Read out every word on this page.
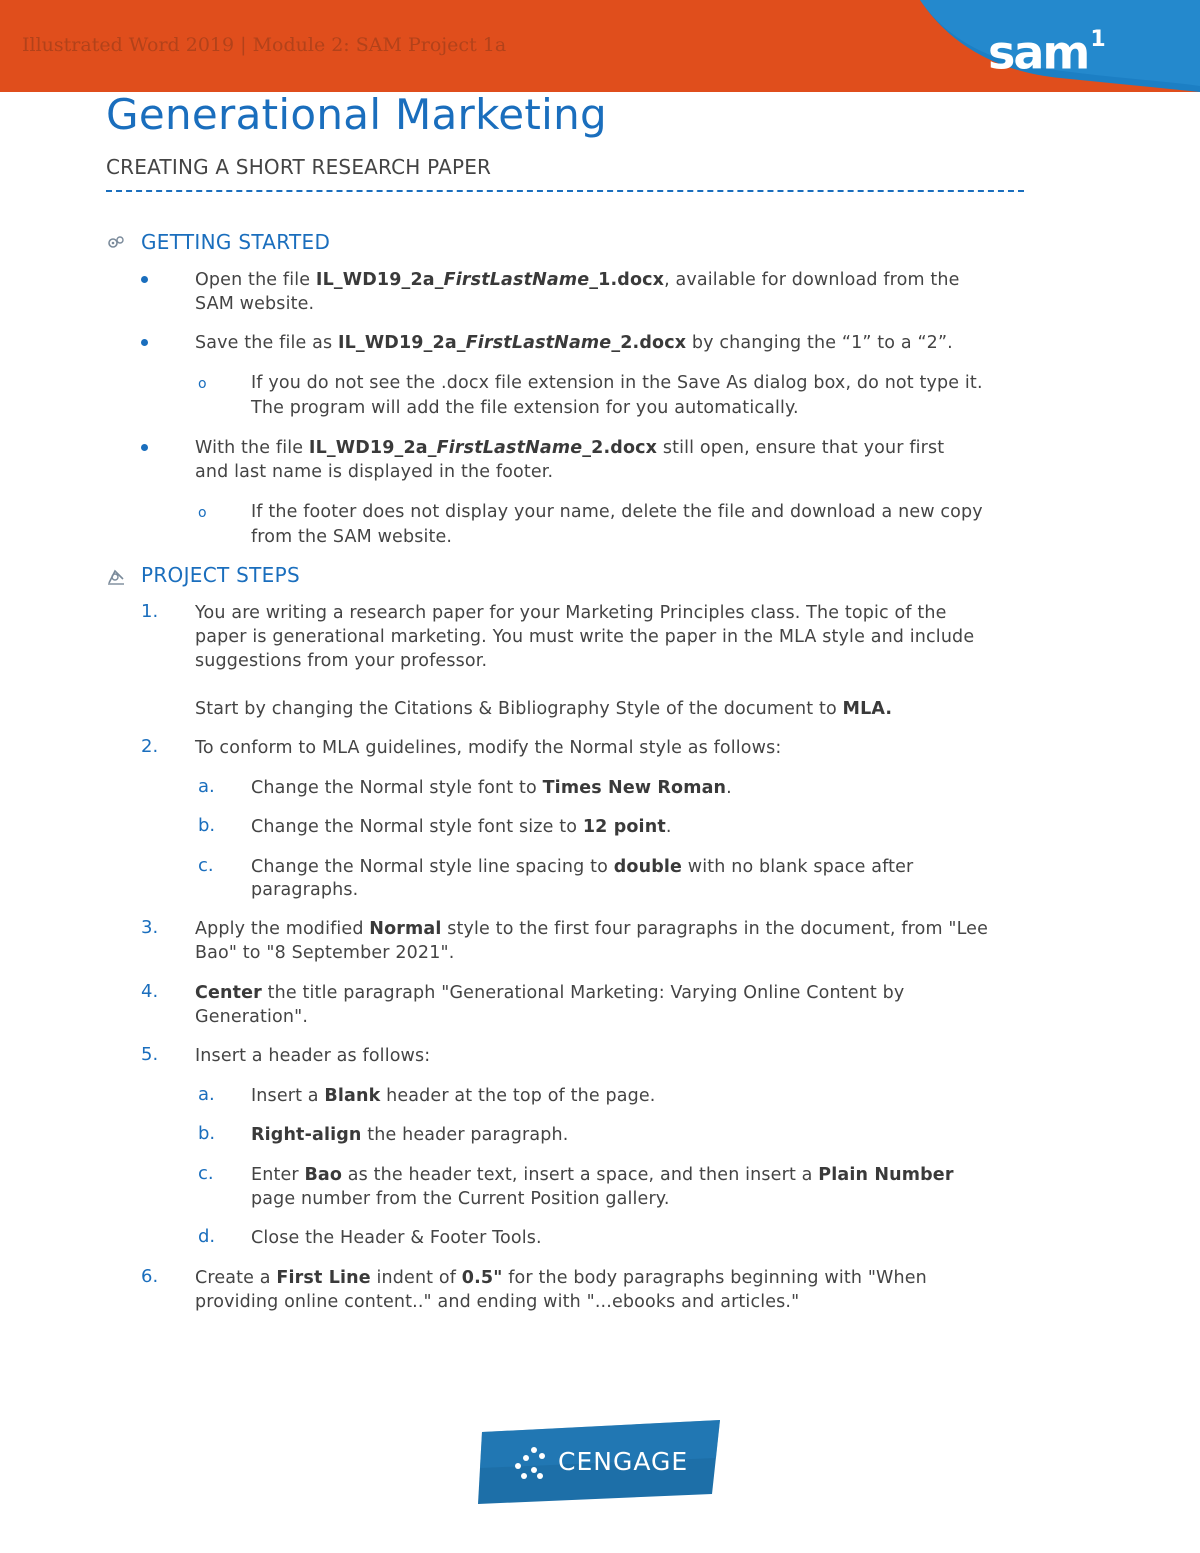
Illustrated Word 2019 | Module 2: SAM Project 1a	sam$^1$
Generational Marketing
CREATING A SHORT RESEARCH PAPER
GETTING STARTED
Open the file IL_WD19_2a_FirstLastName_1.docx, available for download from the
SAM website.
Save the file as IL_WD19_2a_FirstLastName_2.docx by changing the “1” to a “2”.
o	If you do not see the .docx file extension in the Save As dialog box, do not type it.
The program will add the file extension for you automatically.
With the file IL_WD19_2a_FirstLastName_2.docx still open, ensure that your first
and last name is displayed in the footer.
o	If the footer does not display your name, delete the file and download a new copy
from the SAM website.
PROJECT STEPS
1. You are writing a research paper for your Marketing Principles class. The topic of the
paper is generational marketing. You must write the paper in the MLA style and include
suggestions from your professor.
Start by changing the Citations & Bibliography Style of the document to MLA.
2. To conform to MLA guidelines, modify the Normal style as follows:
a. Change the Normal style font to Times New Roman.
b. Change the Normal style font size to 12 point.
c. Change the Normal style line spacing to double with no blank space after
paragraphs.
3. Apply the modified Normal style to the first four paragraphs in the document, from "Lee
Bao" to "8 September 2021".
4. Center the title paragraph "Generational Marketing: Varying Online Content by
Generation".
5. Insert a header as follows:
a. Insert a Blank header at the top of the page.
b. Right-align the header paragraph.
c. Enter Bao as the header text, insert a space, and then insert a Plain Number
page number from the Current Position gallery.
d. Close the Header & Footer Tools.
6. Create a First Line indent of 0.5" for the body paragraphs beginning with "When
providing online content.." and ending with "...ebooks and articles."
CENGAGE
